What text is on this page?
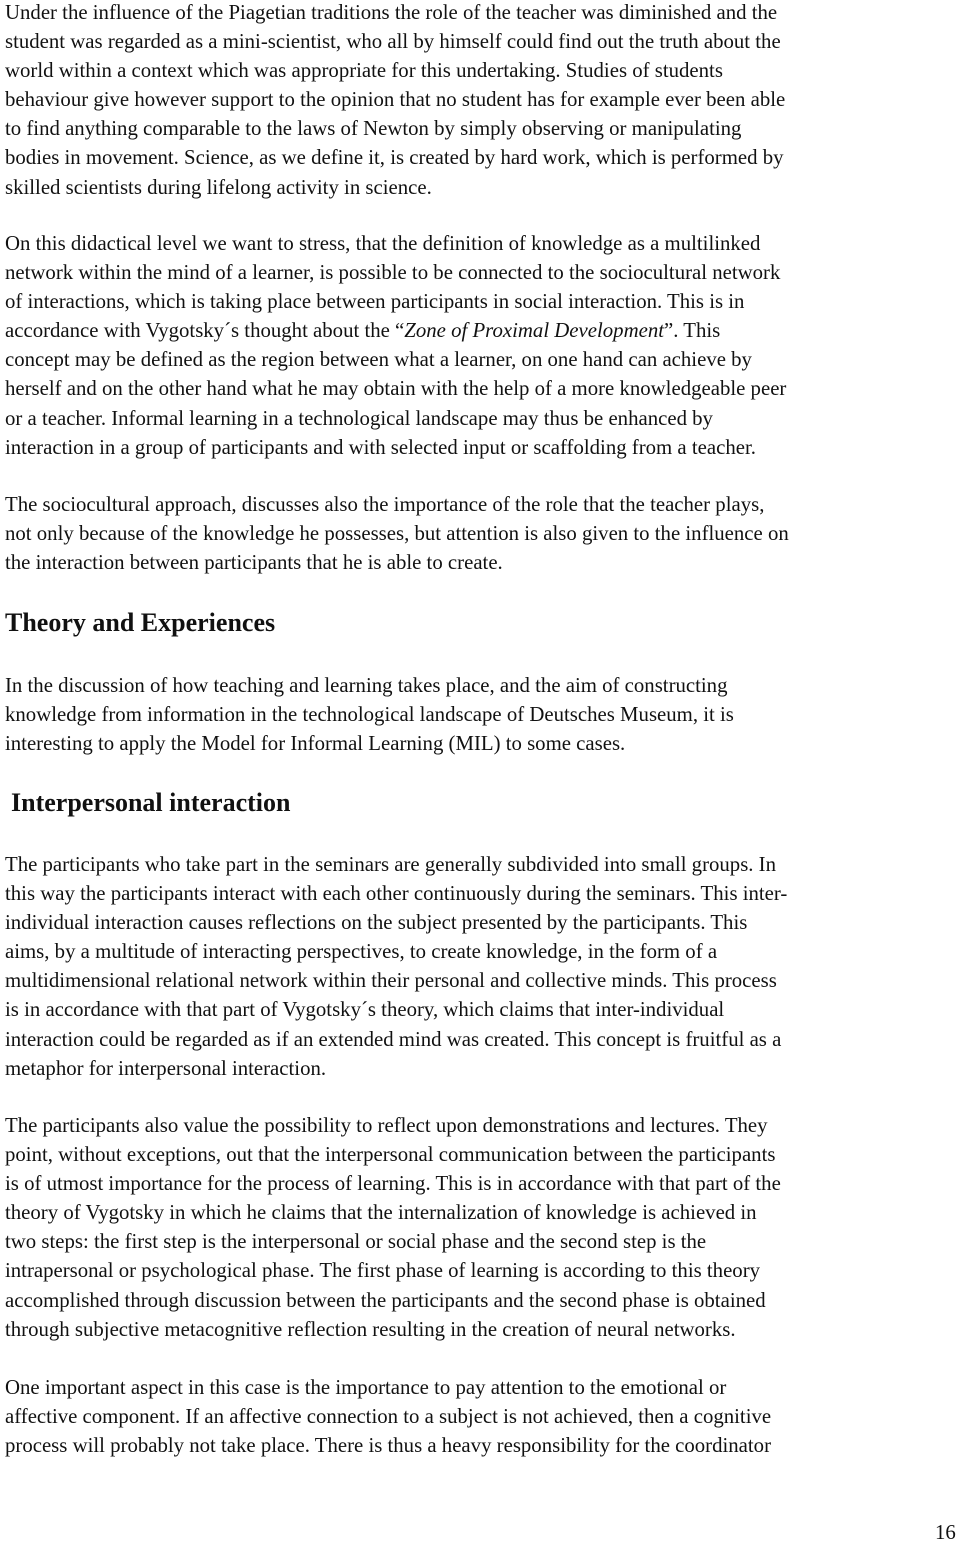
Under the influence of the Piagetian traditions the role of the teacher was diminished and the
student was regarded as a mini-scientist, who all by himself could find out the truth about the
world within a context which was appropriate for this undertaking. Studies of students
behaviour give however support to the opinion that no student has for example ever been able
to find anything comparable to the laws of Newton by simply observing or manipulating
bodies in movement. Science, as we define it, is created by hard work, which is performed by
skilled scientists during lifelong activity in science.
On this didactical level we want to stress, that the definition of knowledge as a multilinked
network within the mind of a learner, is possible to be connected to the sociocultural network
of interactions, which is taking place between participants in social interaction. This is in
accordance with Vygotsky´s thought about the “Zone of Proximal Development”. This
concept may be defined as the region between what a learner, on one hand can achieve by
herself and on the other hand what he may obtain with the help of a more knowledgeable peer
or a teacher. Informal learning in a technological landscape may thus be enhanced by
interaction in a group of participants and with selected input or scaffolding from a teacher.
The sociocultural approach, discusses also the importance of the role that the teacher plays,
not only because of the knowledge he possesses, but attention is also given to the influence on
the interaction between participants that he is able to create.
Theory and Experiences
In the discussion of how teaching and learning takes place, and the aim of constructing
knowledge from information in the technological landscape of Deutsches Museum, it is
interesting to apply the Model for Informal Learning (MIL) to some cases.
Interpersonal interaction
The participants who take part in the seminars are generally subdivided into small groups. In
this way the participants interact with each other continuously during the seminars. This inter-
individual interaction causes reflections on the subject presented by the participants. This
aims, by a multitude of interacting perspectives, to create knowledge, in the form of a
multidimensional relational network within their personal and collective minds. This process
is in accordance with that part of Vygotsky´s theory, which claims that inter-individual
interaction could be regarded as if an extended mind was created. This concept is fruitful as a
metaphor for interpersonal interaction.
The participants also value the possibility to reflect upon demonstrations and lectures. They
point, without exceptions, out that the interpersonal communication between the participants
is of utmost importance for the process of learning. This is in accordance with that part of the
theory of Vygotsky in which he claims that the internalization of knowledge is achieved in
two steps: the first step is the interpersonal or social phase and the second step is the
intrapersonal or psychological phase. The first phase of learning is according to this theory
accomplished through discussion between the participants and the second phase is obtained
through subjective metacognitive reflection resulting in the creation of neural networks.
One important aspect in this case is the importance to pay attention to the emotional or
affective component. If an affective connection to a subject is not achieved, then a cognitive
process will probably not take place. There is thus a heavy responsibility for the coordinator

16
